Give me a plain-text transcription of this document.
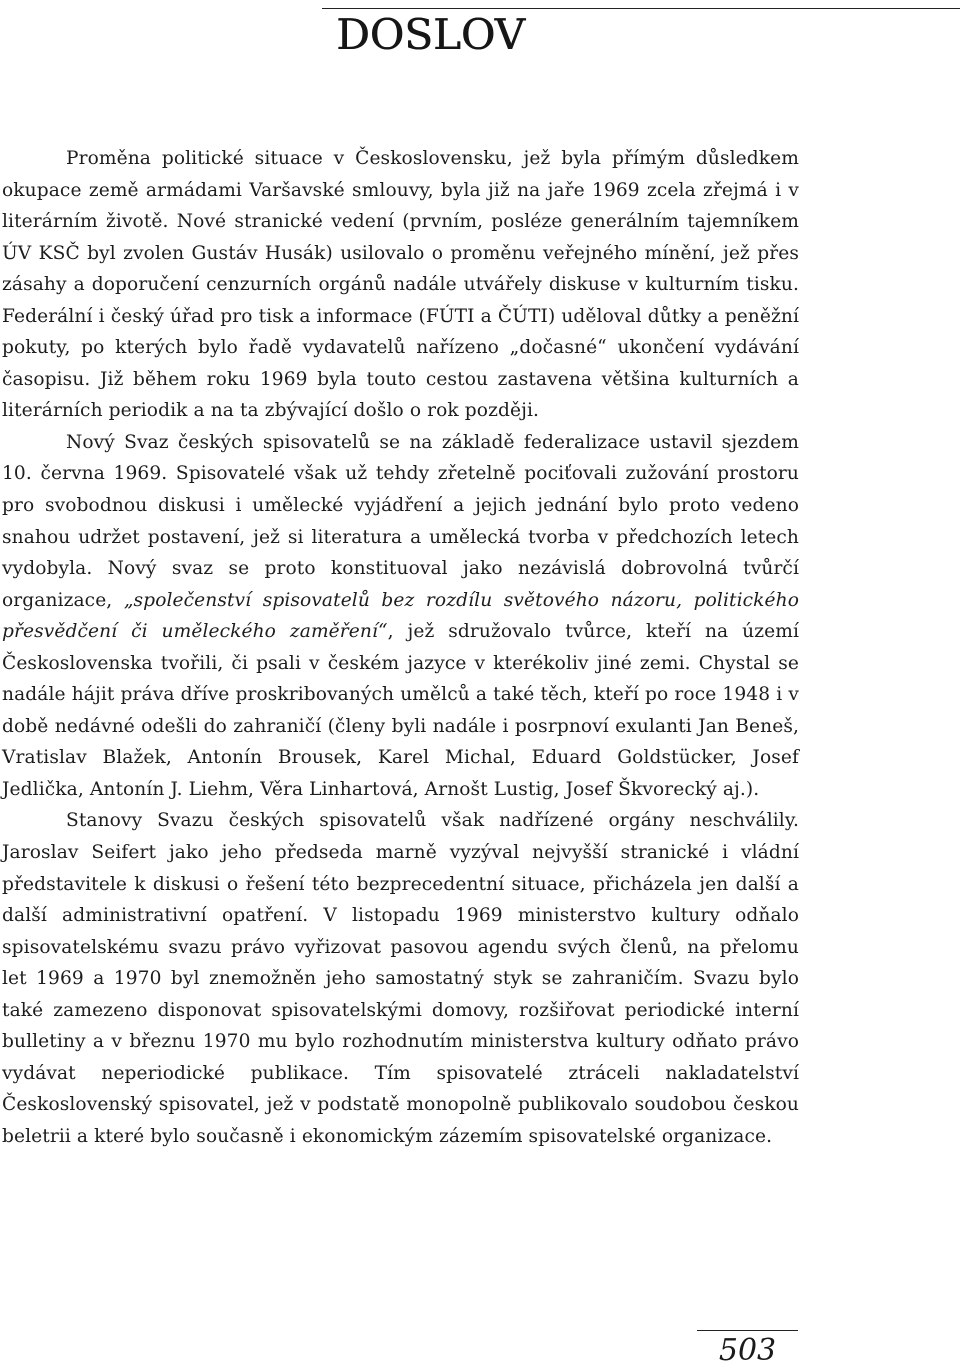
DOSLOV

Proměna politické situace v Československu, jež byla přímým důsledkem okupace země armádami Varšavské smlouvy, byla již na jaře 1969 zcela zřejmá i v literárním životě. Nové stranické vedení (prvním, posléze generálním tajemníkem ÚV KSČ byl zvolen Gustáv Husák) usilovalo o proměnu veřejného mínění, jež přes zásahy a doporučení cenzurních orgánů nadále utvářely diskuse v kulturním tisku. Federální i český úřad pro tisk a informace (FÚTI a ČÚTI) uděloval důtky a peněžní pokuty, po kterých bylo řadě vydavatelů nařízeno „dočasné“ ukončení vydávání časopisu. Již během roku 1969 byla touto cestou zastavena většina kulturních a literárních periodik a na ta zbývající došlo o rok později.

Nový Svaz českých spisovatelů se na základě federalizace ustavil sjezdem 10. června 1969. Spisovatelé však už tehdy zřetelně pociťovali zužování prostoru pro svobodnou diskusi i umělecké vyjádření a jejich jednání bylo proto vedeno snahou udržet postavení, jež si literatura a umělecká tvorba v předchozích letech vydobyla. Nový svaz se proto konstituoval jako nezávislá dobrovolná tvůrčí organizace, „společenství spisovatelů bez rozdílu světového názoru, politického přesvědčení či uměleckého zaměření“, jež sdružovalo tvůrce, kteří na území Československa tvořili, či psali v českém jazyce v kterékoliv jiné zemi. Chystal se nadále hájit práva dříve proskribovaných umělců a také těch, kteří po roce 1948 i v době nedávné odešli do zahraničí (členy byli nadále i posrpnoví exulanti Jan Beneš, Vratislav Blažek, Antonín Brousek, Karel Michal, Eduard Goldstücker, Josef Jedlička, Antonín J. Liehm, Věra Linhartová, Arnošt Lustig, Josef Škvorecký aj.).

Stanovy Svazu českých spisovatelů však nadřízené orgány neschválily. Jaroslav Seifert jako jeho předseda marně vyzýval nejvyšší stranické i vládní představitele k diskusi o řešení této bezprecedentní situace, přicházela jen další a další administrativní opatření. V listopadu 1969 ministerstvo kultury odňalo spisovatelskému svazu právo vyřizovat pasovou agendu svých členů, na přelomu let 1969 a 1970 byl znemožněn jeho samostatný styk se zahraničím. Svazu bylo také zamezeno disponovat spisovatelskými domovy, rozšiřovat periodické interní bulletiny a v březnu 1970 mu bylo rozhodnutím ministerstva kultury odňato právo vydávat neperiodické publikace. Tím spisovatelé ztráceli nakladatelství Československý spisovatel, jež v podstatě monopolně publikovalo soudobou českou beletrii a které bylo současně i ekonomickým zázemím spisovatelské organizace.

503
